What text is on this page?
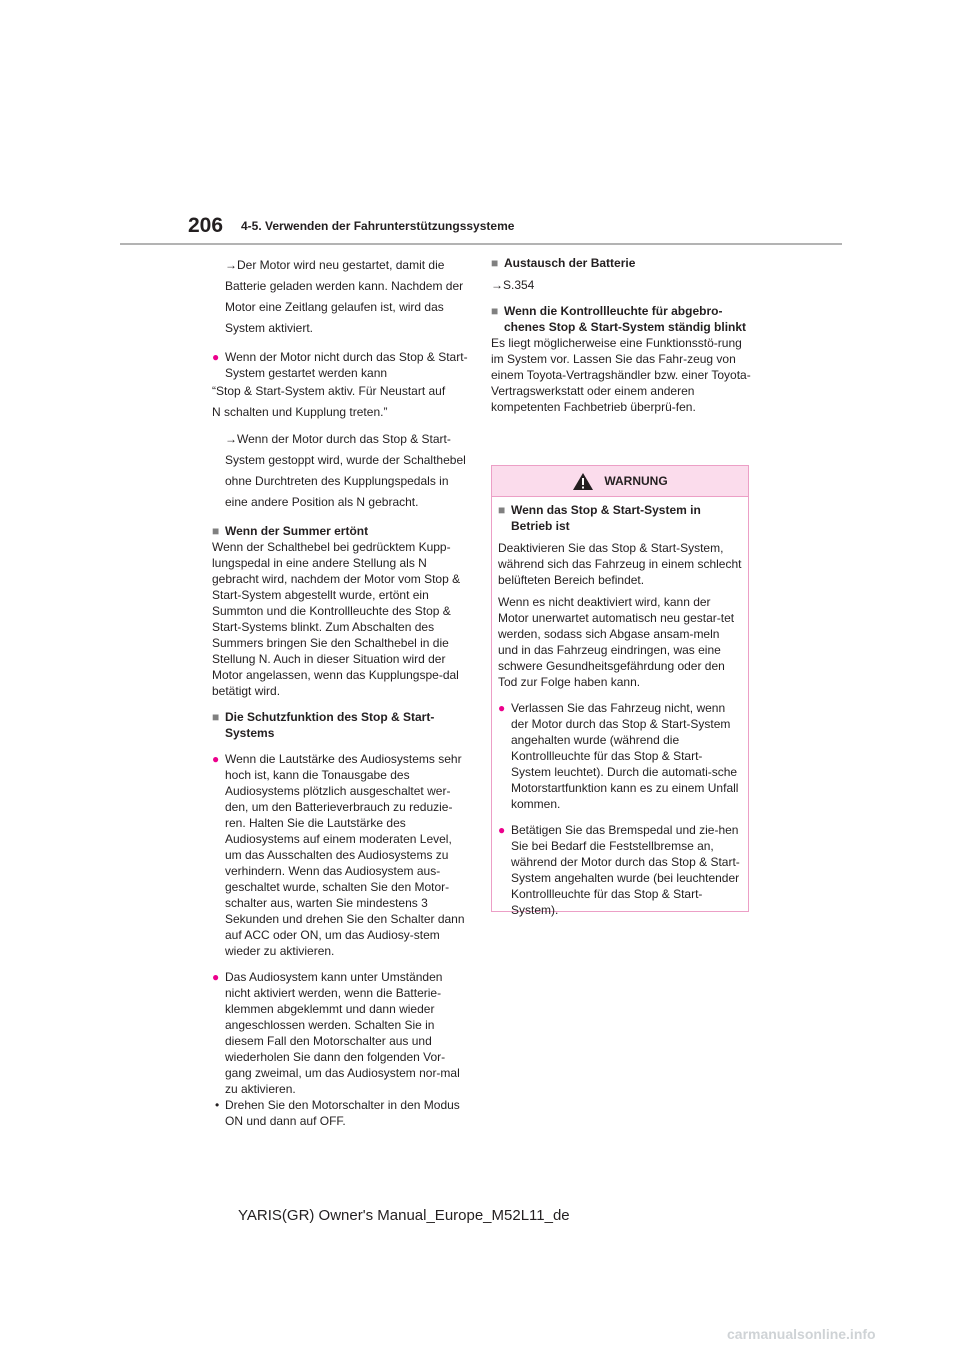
206 4-5. Verwenden der Fahrunterstützungssysteme

→Der Motor wird neu gestartet, damit die

Batterie geladen werden kann. Nachdem der

Motor eine Zeitlang gelaufen ist, wird das

System aktiviert.

● Wenn der Motor nicht durch das Stop & Start-System gestartet werden kann

“Stop & Start-System aktiv. Für Neustart auf

N schalten und Kupplung treten.”

→Wenn der Motor durch das Stop & Start-

System gestoppt wird, wurde der Schalthebel

ohne Durchtreten des Kupplungspedals in

eine andere Position als N gebracht.

■ Wenn der Summer ertönt

Wenn der Schalthebel bei gedrücktem Kupp-lungspedal in eine andere Stellung als N gebracht wird, nachdem der Motor vom Stop & Start-System abgestellt wurde, ertönt ein Summton und die Kontrollleuchte des Stop & Start-Systems blinkt. Zum Abschalten des Summers bringen Sie den Schalthebel in die Stellung N. Auch in dieser Situation wird der Motor angelassen, wenn das Kupplungspe-dal betätigt wird.

■ Die Schutzfunktion des Stop & Start-Systems

● Wenn die Lautstärke des Audiosystems sehr hoch ist, kann die Tonausgabe des Audiosystems plötzlich ausgeschaltet wer-den, um den Batterieverbrauch zu reduzie-ren. Halten Sie die Lautstärke des Audiosystems auf einem moderaten Level, um das Ausschalten des Audiosystems zu verhindern. Wenn das Audiosystem aus-geschaltet wurde, schalten Sie den Motor-schalter aus, warten Sie mindestens 3 Sekunden und drehen Sie den Schalter dann auf ACC oder ON, um das Audiosy-stem wieder zu aktivieren.

● Das Audiosystem kann unter Umständen nicht aktiviert werden, wenn die Batterie-klemmen abgeklemmt und dann wieder angeschlossen werden. Schalten Sie in diesem Fall den Motorschalter aus und wiederholen Sie dann den folgenden Vor-gang zweimal, um das Audiosystem nor-mal zu aktivieren.

• Drehen Sie den Motorschalter in den Modus ON und dann auf OFF.

■ Austausch der Batterie

→S.354

■ Wenn die Kontrollleuchte für abgebro-chenes Stop & Start-System ständig blinkt

Es liegt möglicherweise eine Funktionsstö-rung im System vor. Lassen Sie das Fahr-zeug von einem Toyota-Vertragshändler bzw. einer Toyota-Vertragswerkstatt oder einem anderen kompetenten Fachbetrieb überprü-fen.

WARNUNG
■ Wenn das Stop & Start-System in Betrieb ist

Deaktivieren Sie das Stop & Start-System, während sich das Fahrzeug in einem schlecht belüfteten Bereich befindet.

Wenn es nicht deaktiviert wird, kann der Motor unerwartet automatisch neu gestar-tet werden, sodass sich Abgase ansam-meln und in das Fahrzeug eindringen, was eine schwere Gesundheitsgefährdung oder den Tod zur Folge haben kann.

● Verlassen Sie das Fahrzeug nicht, wenn der Motor durch das Stop & Start-System angehalten wurde (während die Kontrollleuchte für das Stop & Start-System leuchtet). Durch die automati-sche Motorstartfunktion kann es zu einem Unfall kommen.

● Betätigen Sie das Bremspedal und zie-hen Sie bei Bedarf die Feststellbremse an, während der Motor durch das Stop & Start-System angehalten wurde (bei leuchtender Kontrollleuchte für das Stop & Start-System).

YARIS(GR) Owner's Manual_Europe_M52L11_de
carmanualsonline.info
